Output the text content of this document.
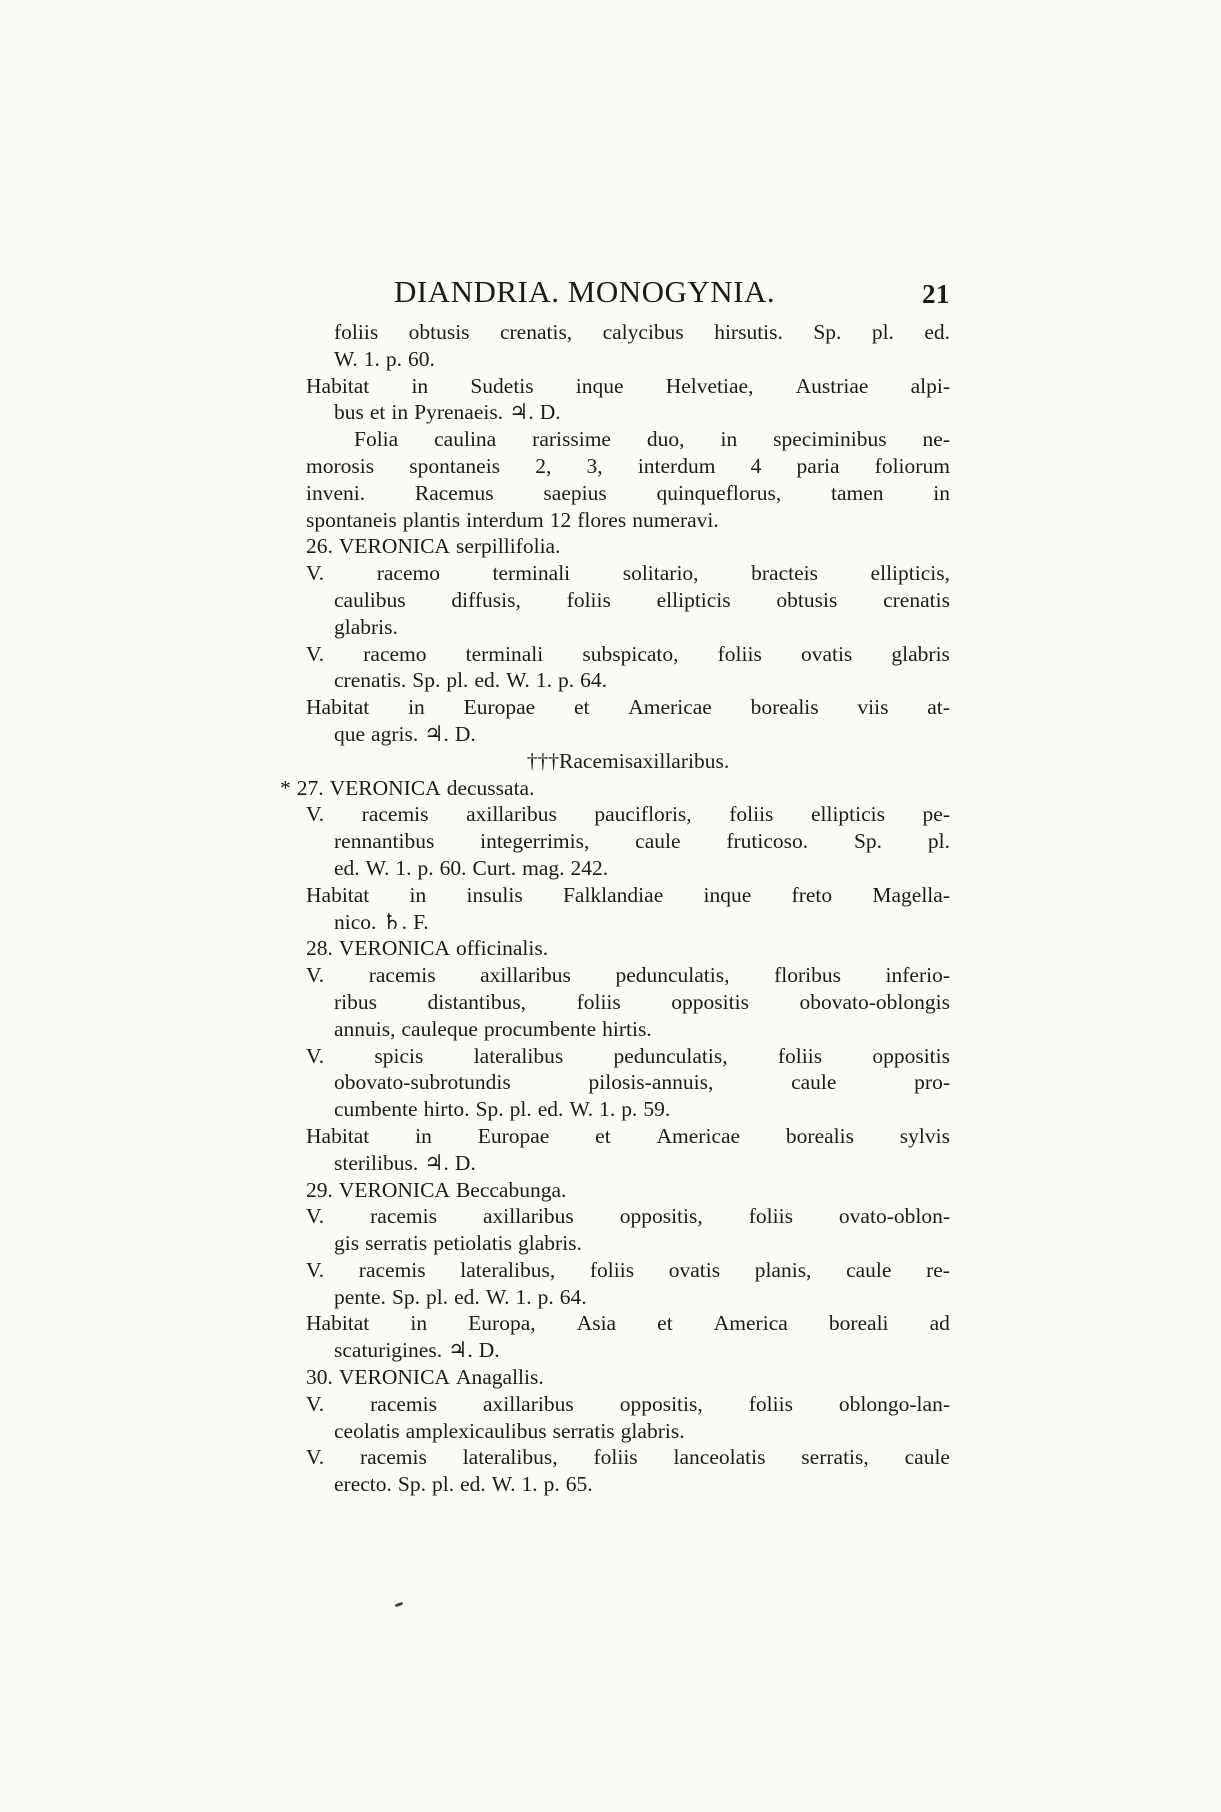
DIANDRIA. MONOGYNIA.	21
foliis obtusis crenatis, calycibus hirsutis. Sp. pl. ed.
W. 1. p. 60.
Habitat in Sudetis inque Helvetiae, Austriae alpi-
bus et in Pyrenaeis. ♃. D.
Folia caulina rarissime duo, in speciminibus ne-
morosis spontaneis 2, 3, interdum 4 paria foliorum
inveni. Racemus saepius quinqueflorus, tamen in
spontaneis plantis interdum 12 flores numeravi.
26. VERONICA serpillifolia.
V. racemo terminali solitario, bracteis ellipticis,
caulibus diffusis, foliis ellipticis obtusis crenatis
glabris.
V. racemo terminali subspicato, foliis ovatis glabris
crenatis. Sp. pl. ed. W. 1. p. 64.
Habitat in Europae et Americae borealis viis at-
que agris. ♃. D.
† † † Racemis axillaribus.
* 27. VERONICA decussata.
V. racemis axillaribus paucifloris, foliis ellipticis pe-
rennantibus integerrimis, caule fruticoso. Sp. pl.
ed. W. 1. p. 60. Curt. mag. 242.
Habitat in insulis Falklandiae inque freto Magella-
nico. ♄. F.
28. VERONICA officinalis.
V. racemis axillaribus pedunculatis, floribus inferio-
ribus distantibus, foliis oppositis obovato-oblongis
annuis, cauleque procumbente hirtis.
V. spicis lateralibus pedunculatis, foliis oppositis
obovato-subrotundis	pilosis-annuis,	caule	pro-
cumbente hirto. Sp. pl. ed. W. 1. p. 59.
Habitat in Europae et Americae borealis sylvis
sterilibus. ♃. D.
29. VERONICA Beccabunga.
V. racemis axillaribus oppositis, foliis ovato-oblon-
gis serratis petiolatis glabris.
V. racemis lateralibus, foliis ovatis planis, caule re-
pente. Sp. pl. ed. W. 1. p. 64.
Habitat in Europa, Asia et America boreali ad
scaturigines. ♃. D.
30. VERONICA Anagallis.
V. racemis axillaribus oppositis, foliis oblongo-lan-
ceolatis amplexicaulibus serratis glabris.
V. racemis lateralibus, foliis lanceolatis serratis, caule
erecto. Sp. pl. ed. W. 1. p. 65.
